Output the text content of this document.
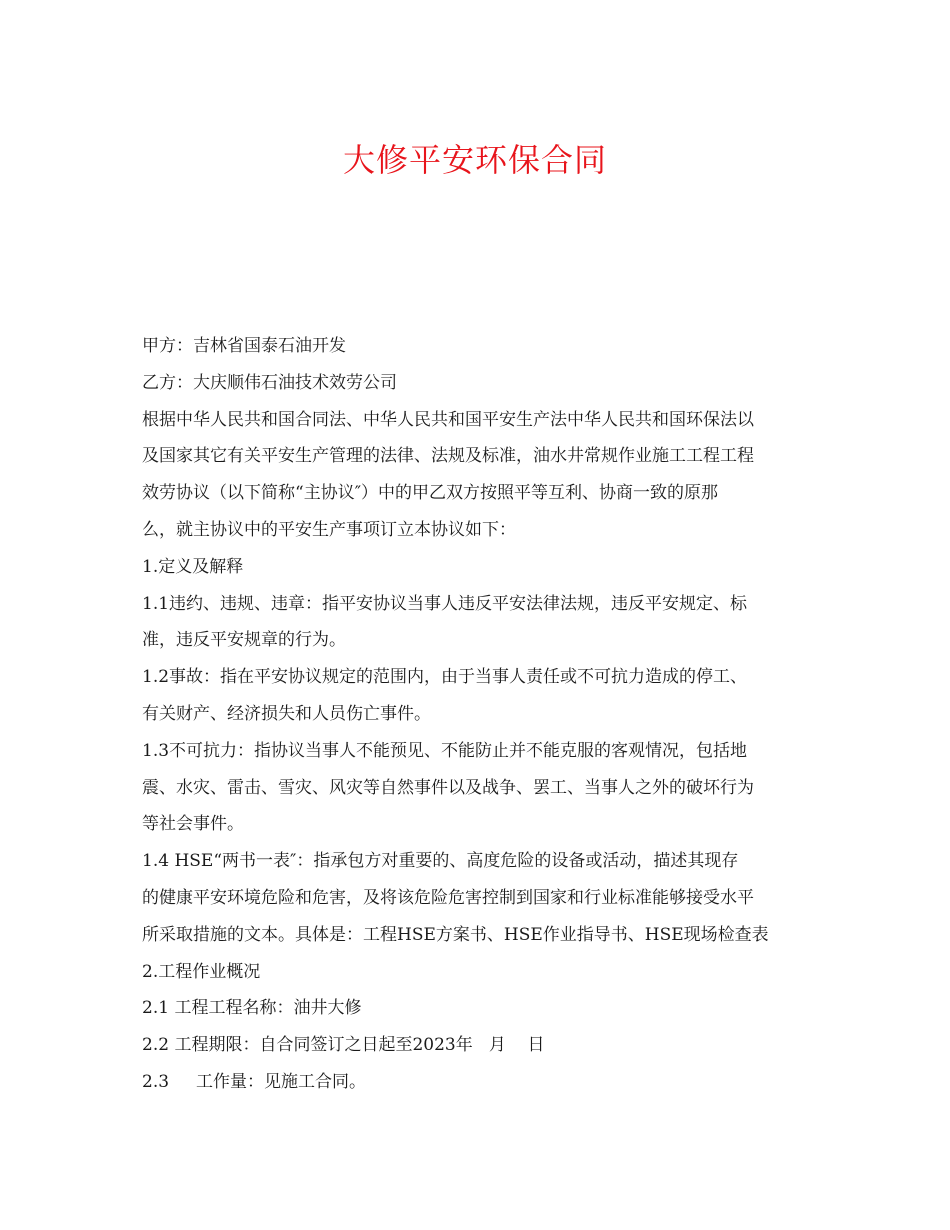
大修平安环保合同
甲方：吉林省国泰石油开发
乙方：大庆顺伟石油技术效劳公司
根据中华人民共和国合同法、中华人民共和国平安生产法中华人民共和国环保法以
及国家其它有关平安生产管理的法律、法规及标准，油水井常规作业施工工程工程
效劳协议（以下简称“主协议″）中的甲乙双方按照平等互利、协商一致的原那
么，就主协议中的平安生产事项订立本协议如下：
1.定义及解释
1.1违约、违规、违章：指平安协议当事人违反平安法律法规，违反平安规定、标
准，违反平安规章的行为。
1.2事故：指在平安协议规定的范围内，由于当事人责任或不可抗力造成的停工、
有关财产、经济损失和人员伤亡事件。
1.3不可抗力：指协议当事人不能预见、不能防止并不能克服的客观情况，包括地
震、水灾、雷击、雪灾、风灾等自然事件以及战争、罢工、当事人之外的破坏行为
等社会事件。
1.4 HSE“两书一表″：指承包方对重要的、高度危险的设备或活动，描述其现存
的健康平安环境危险和危害，及将该危险危害控制到国家和行业标准能够接受水平
所采取措施的文本。具体是：工程HSE方案书、HSE作业指导书、HSE现场检查表
2.工程作业概况
2.1 工程工程名称：油井大修
2.2 工程期限：自合同签订之日起至2023年   月    日
2.3     工作量：见施工合同。
